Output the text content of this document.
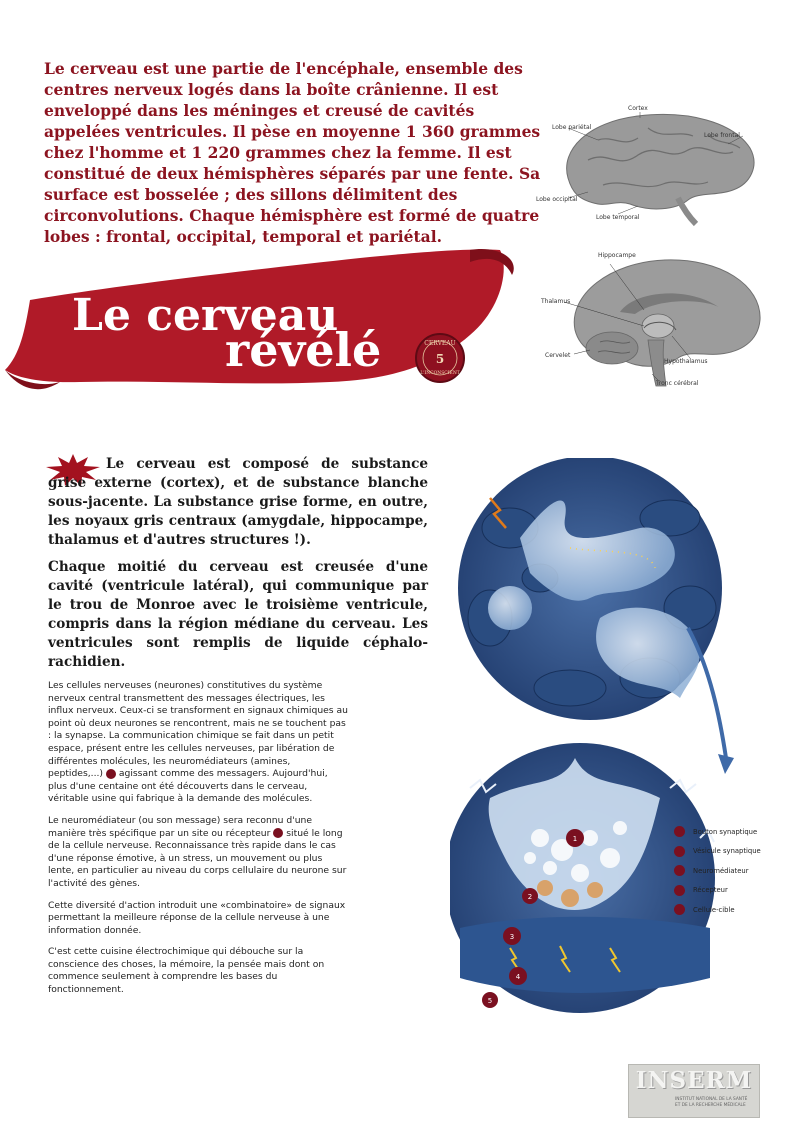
Le cerveau est une partie de l'encéphale, ensemble des centres nerveux logés dans la boîte crânienne. Il est enveloppé dans les méninges et creusé de cavités appelées ventricules. Il pèse en moyenne 1 360 grammes chez l'homme et 1 220 grammes chez la femme. Il est constitué de deux hémisphères séparés par une fente. Sa surface est bosselée ; des sillons délimitent des circonvolutions. Chaque hémisphère est formé de quatre lobes : frontal, occipital, temporal et pariétal.

Le cerveau
révélé	CERVEAU
5
L'INCONSCIENT
Cortex
Lobe pariétal
Lobe frontal
Lobe occipital
Lobe temporal
Hippocampe
Thalamus
Cervelet
Hypothalamus
Tronc cérébral

Le cerveau est composé de substance grise externe (cortex), et de substance blanche sous-jacente. La substance grise forme, en outre, les noyaux gris centraux (amygdale, hippocampe, thalamus et d'autres structures !).

Chaque moitié du cerveau est creusée d'une cavité (ventricule latéral), qui communique par le trou de Monroe avec le troisième ventricule, compris dans la région médiane du cerveau. Les ventricules sont remplis de liquide céphalo-rachidien.

Les cellules nerveuses (neurones) constitutives du système nerveux central transmettent des messages électriques, les influx nerveux. Ceux-ci se transforment en signaux chimiques au point où deux neurones se rencontrent, mais ne se touchent pas : la synapse. La communication chimique se fait dans un petit espace, présent entre les cellules nerveuses, par libération de différentes molécules, les neuromédiateurs (amines, peptides,...) agissant comme des messagers. Aujourd'hui, plus d'une centaine ont été découverts dans le cerveau, véritable usine qui fabrique à la demande des molécules.

Le neuromédiateur (ou son message) sera reconnu d'une manière très spécifique par un site ou récepteur situé le long de la cellule nerveuse. Reconnaissance très rapide dans le cas d'une réponse émotive, à un stress, un mouvement ou plus lente, en particulier au niveau du corps cellulaire du neurone sur l'activité des gènes.

Cette diversité d'action introduit une «combinatoire» de signaux permettant la meilleure réponse de la cellule nerveuse à une information donnée.

C'est cette cuisine électrochimique qui débouche sur la conscience des choses, la mémoire, la pensée mais dont on commence seulement à comprendre les bases du fonctionnement.

1
2
3
4
5
Bouton synaptique
Vésicule synaptique
Neuromédiateur
Récepteur
Cellule-cible
INSERM
INSTITUT NATIONAL DE LA SANTÉ
ET DE LA RECHERCHE MÉDICALE
